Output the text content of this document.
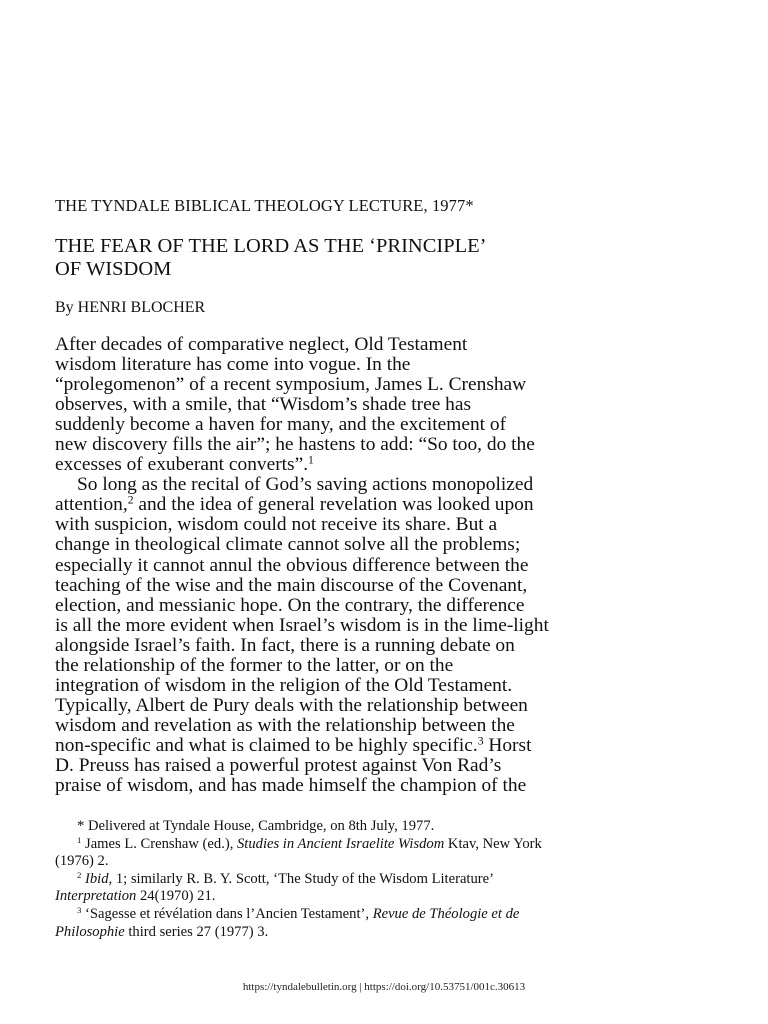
THE TYNDALE BIBLICAL THEOLOGY LECTURE, 1977*
THE FEAR OF THE LORD AS THE ‘PRINCIPLE’
OF WISDOM
By HENRI BLOCHER
After decades of comparative neglect, Old Testament
wisdom literature has come into vogue. In the
“prolegomenon” of a recent symposium, James L. Crenshaw
observes, with a smile, that “Wisdom’s shade tree has
suddenly become a haven for many, and the excitement of
new discovery fills the air”; he hastens to add: “So too, do the
excesses of exuberant converts”.$^1$
So long as the recital of God’s saving actions monopolized
attention,$^2$ and the idea of general revelation was looked upon
with suspicion, wisdom could not receive its share. But a
change in theological climate cannot solve all the problems;
especially it cannot annul the obvious difference between the
teaching of the wise and the main discourse of the Covenant,
election, and messianic hope. On the contrary, the difference
is all the more evident when Israel’s wisdom is in the lime-light
alongside Israel’s faith. In fact, there is a running debate on
the relationship of the former to the latter, or on the
integration of wisdom in the religion of the Old Testament.
Typically, Albert de Pury deals with the relationship between
wisdom and revelation as with the relationship between the
non-specific and what is claimed to be highly specific.$^3$ Horst
D. Preuss has raised a powerful protest against Von Rad’s
praise of wisdom, and has made himself the champion of the
* Delivered at Tyndale House, Cambridge, on 8th July, 1977.
$^1$ James L. Crenshaw (ed.), Studies in Ancient Israelite Wisdom Ktav, New York
(1976) 2.
$^2$ Ibid, 1; similarly R. B. Y. Scott, ‘The Study of the Wisdom Literature’
Interpretation 24(1970) 21.
$^3$ ‘Sagesse et révélation dans l’Ancien Testament’, Revue de Théologie et de
Philosophie third series 27 (1977) 3.
https://tyndalebulletin.org | https://doi.org/10.53751/001c.30613
